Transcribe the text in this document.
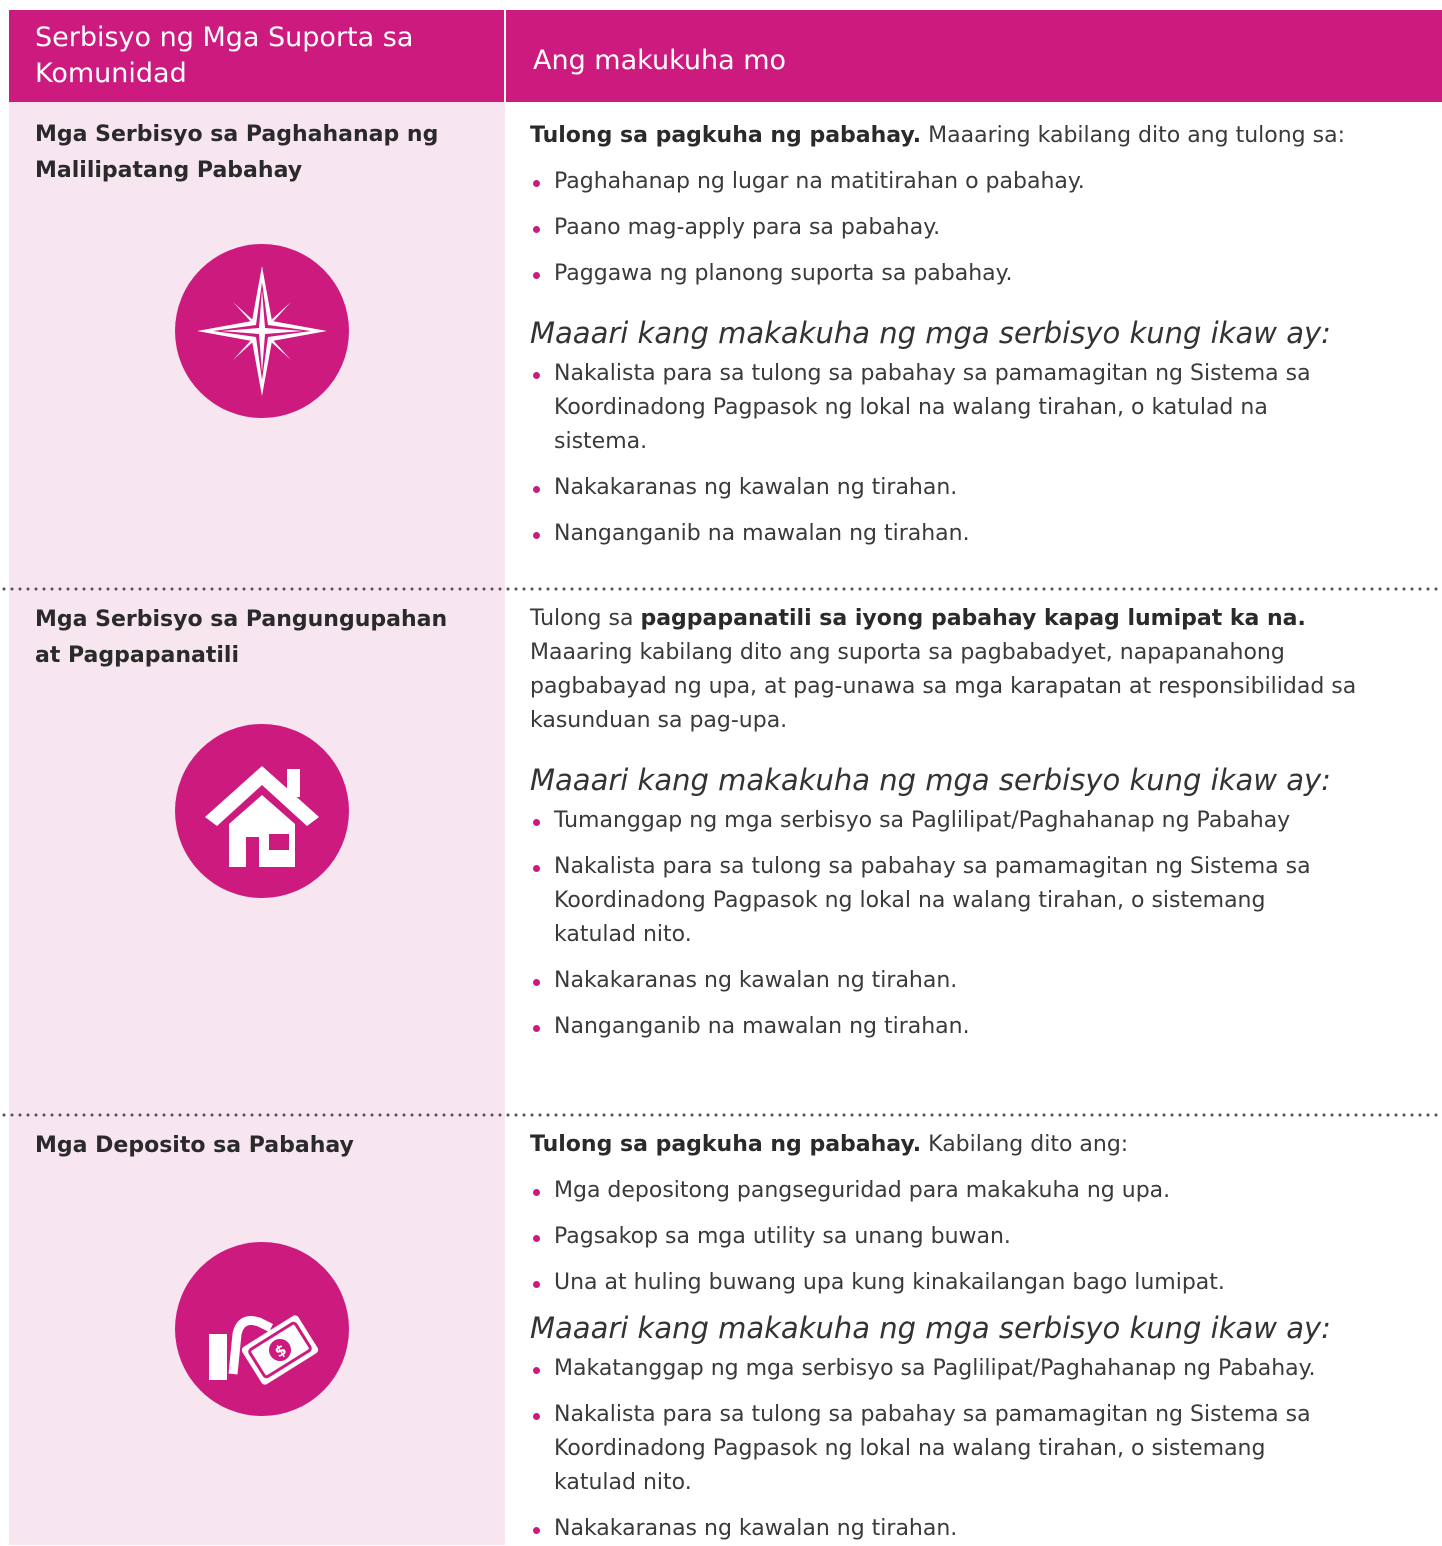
Serbisyo ng Mga Suporta sa Komunidad	Ang makukuha mo
Mga Serbisyo sa Paghahanap ng Malilipatang Pabahay

Tulong sa pagkuha ng pabahay. Maaaring kabilang dito ang tulong sa:

Paghahanap ng lugar na matitirahan o pabahay.
Paano mag-apply para sa pabahay.
Paggawa ng planong suporta sa pabahay.
Maaari kang makakuha ng mga serbisyo kung ikaw ay:
Nakalista para sa tulong sa pabahay sa pamamagitan ng Sistema sa Koordinadong Pagpasok ng lokal na walang tirahan, o katulad na sistema.
Nakakaranas ng kawalan ng tirahan.
Nanganganib na mawalan ng tirahan.
Mga Serbisyo sa Pangungupahan at Pagpapanatili

Tulong sa pagpapanatili sa iyong pabahay kapag lumipat ka na. Maaaring kabilang dito ang suporta sa pagbabadyet, napapanahong pagbabayad ng upa, at pag-unawa sa mga karapatan at responsibilidad sa kasunduan sa pag-upa.

Maaari kang makakuha ng mga serbisyo kung ikaw ay:
Tumanggap ng mga serbisyo sa Paglilipat/Paghahanap ng Pabahay
Nakalista para sa tulong sa pabahay sa pamamagitan ng Sistema sa Koordinadong Pagpasok ng lokal na walang tirahan, o sistemang katulad nito.
Nakakaranas ng kawalan ng tirahan.
Nanganganib na mawalan ng tirahan.
Mga Deposito sa Pabahay
$

Tulong sa pagkuha ng pabahay. Kabilang dito ang:

Mga depositong pangseguridad para makakuha ng upa.
Pagsakop sa mga utility sa unang buwan.
Una at huling buwang upa kung kinakailangan bago lumipat.
Maaari kang makakuha ng mga serbisyo kung ikaw ay:
Makatanggap ng mga serbisyo sa Paglilipat/Paghahanap ng Pabahay.
Nakalista para sa tulong sa pabahay sa pamamagitan ng Sistema sa Koordinadong Pagpasok ng lokal na walang tirahan, o sistemang katulad nito.
Nakakaranas ng kawalan ng tirahan.
